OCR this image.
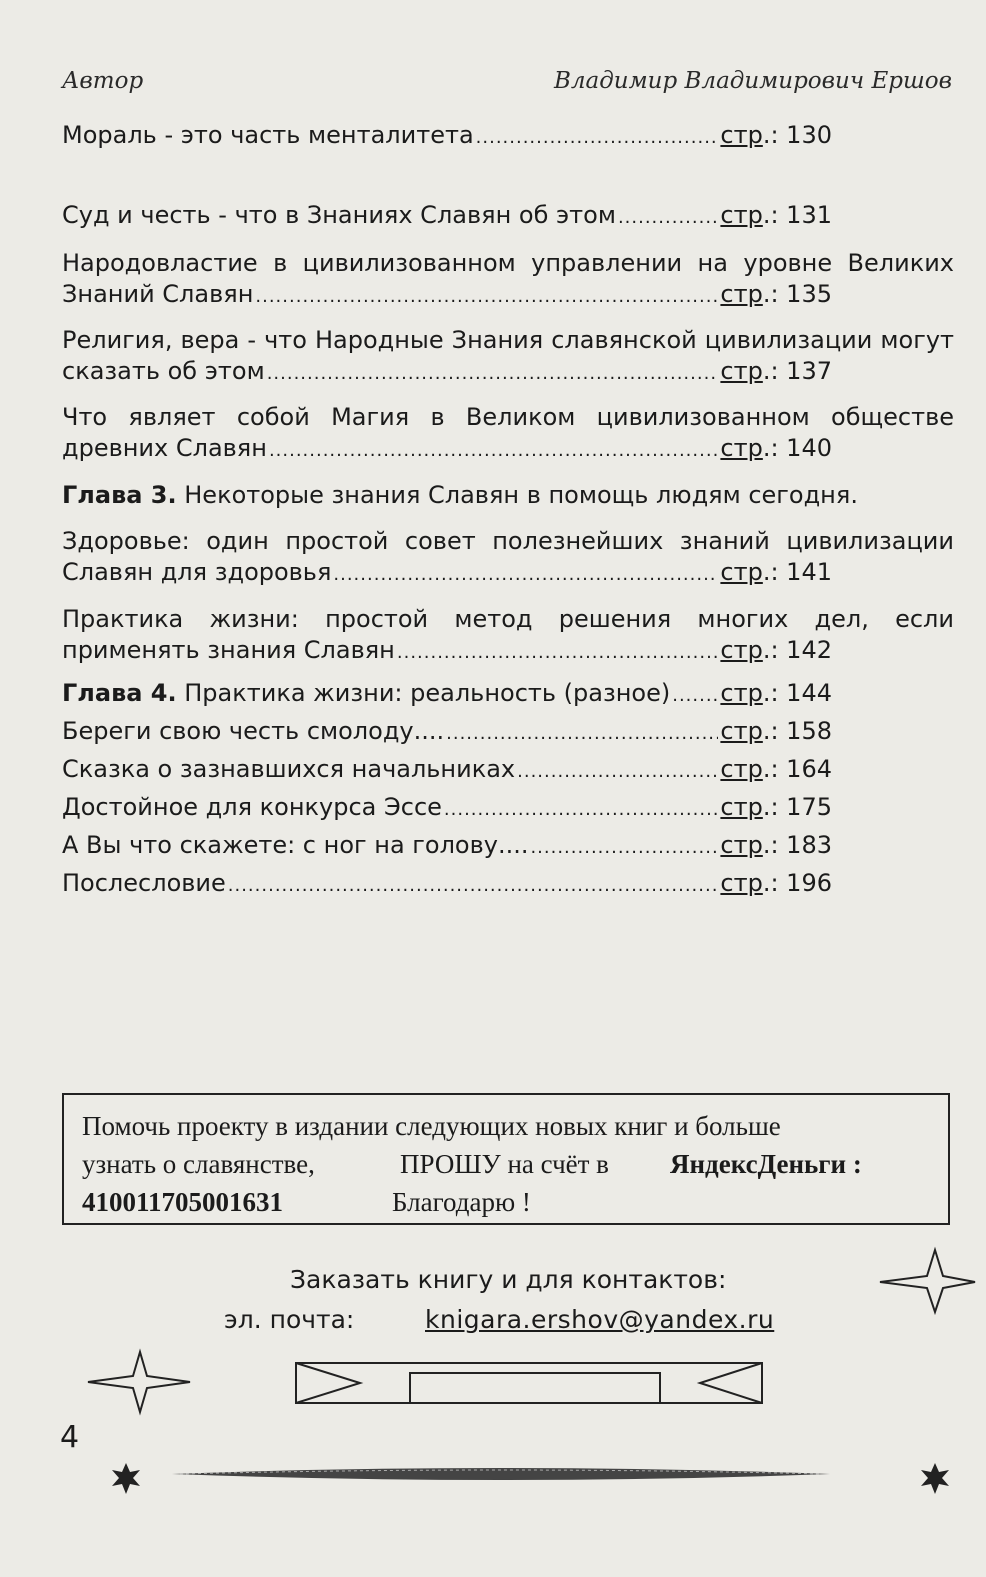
Автор	Владимир Владимирович Ершов
Мораль - это часть менталитета .....	стр.: 130
Суд и честь - что в Знаниях Славян об этом .....	стр.: 131
Народовластие в цивилизованном управлении на уровне Великих
Знаний Славян .....	стр.: 135
Религия, вера - что Народные Знания славянской цивилизации могут
сказать об этом .....	стр.: 137
Что являет собой Магия в Великом цивилизованном обществе
древних Славян .....	стр.: 140
Глава 3. Некоторые знания Славян в помощь людям сегодня.
Здоровье: один простой совет полезнейших знаний цивилизации
Славян для здоровья .....	стр.: 141
Практика жизни: простой метод решения многих дел, если
применять знания Славян .....	стр.: 142
Глава 4. Практика жизни: реальность (разное) ..... стр.: 144
Береги свою честь смолоду.... .....	стр.: 158
Сказка о зазнавшихся начальниках .....	стр.: 164
Достойное для конкурса Эссе .....	стр.: 175
А Вы что скажете: с ног на голову.... .....	стр.: 183
Послесловие .....	стр.: 196
Помочь проекту в издании следующих новых книг и больше
узнать о славянстве,	ПРОШУ на счёт в ЯндексДеньги :
410011705001631	Благодарю !
Заказать книгу и для контактов:
эл. почта:	knigara.ershov@yandex.ru
4
